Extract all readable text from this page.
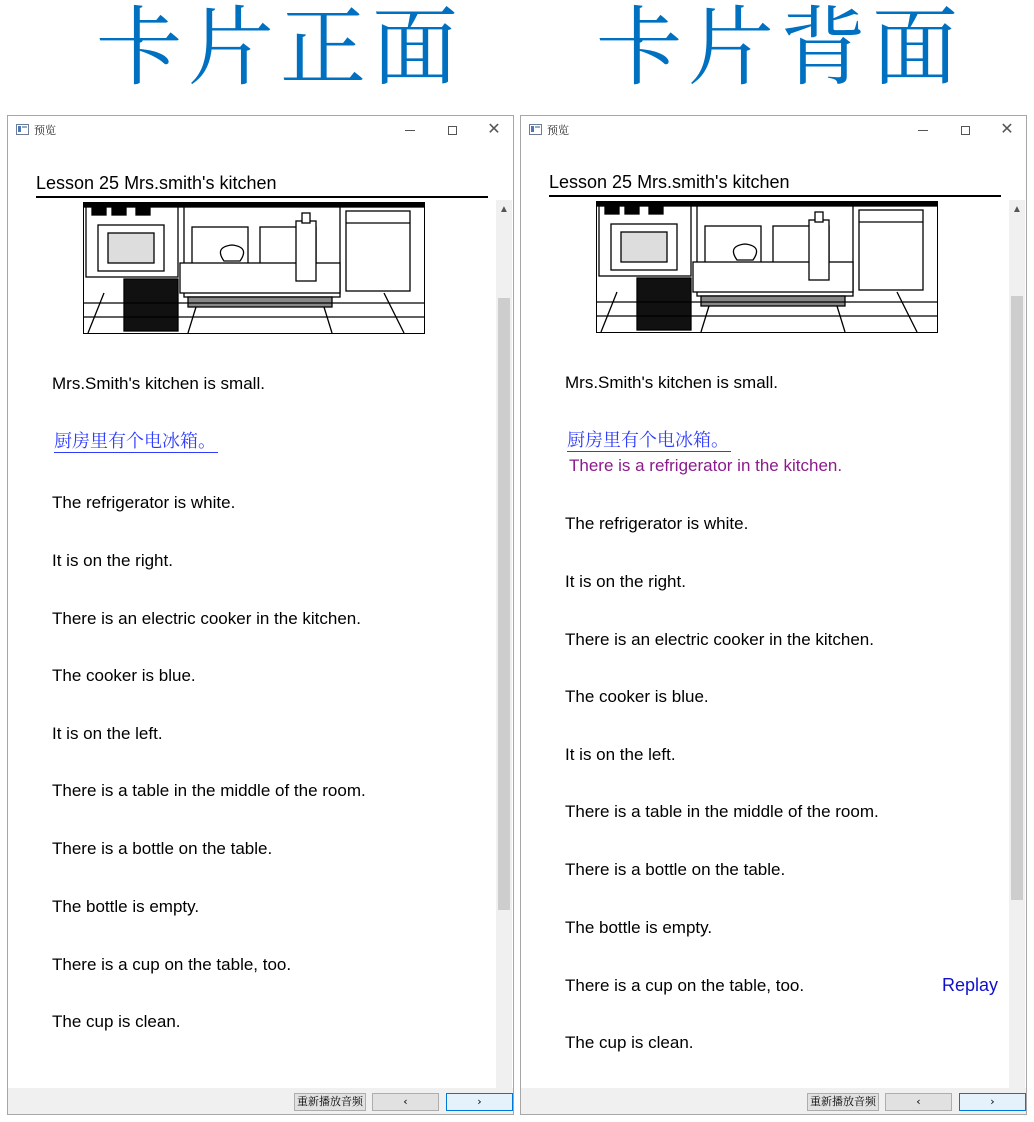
卡片正面 卡片背面
预览	✕
Lesson 25 Mrs.smith's kitchen
▲
Mrs.Smith's kitchen is small.
厨房里有个电冰箱。
The refrigerator is white.
It is on the right.
There is an electric cooker in the kitchen.
The cooker is blue.
It is on the left.
There is a table in the middle of the room.
There is a bottle on the table.
The bottle is empty.
There is a cup on the table, too.
The cup is clean.
重新播放音频	‹	›
预览	✕
Lesson 25 Mrs.smith's kitchen
▲
Mrs.Smith's kitchen is small.
厨房里有个电冰箱。
There is a refrigerator in the kitchen.
The refrigerator is white.
It is on the right.
There is an electric cooker in the kitchen.
The cooker is blue.
It is on the left.
There is a table in the middle of the room.
There is a bottle on the table.
The bottle is empty.
There is a cup on the table, too.	Replay
The cup is clean.
重新播放音频	‹	›
